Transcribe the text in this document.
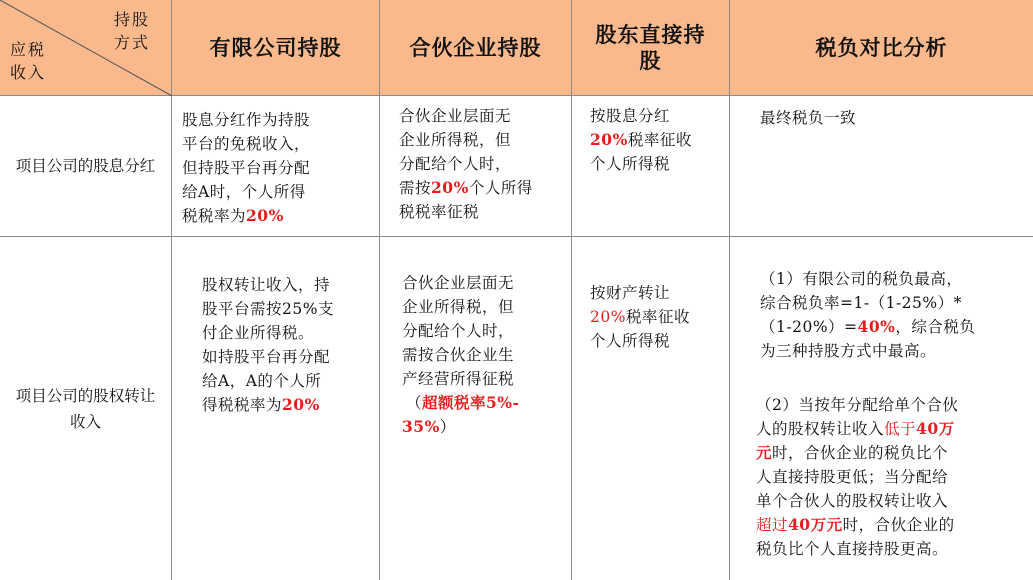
持股
方式
应税
收入
有限公司持股	合伙企业持股
股东直接持
股
税负对比分析
项目公司的股息分红
股息分红作为持股
平台的免税收入，
但持股平台再分配
给A时，个人所得
税税率为20%
合伙企业层面无
企业所得税，但
分配给个人时，
需按20%个人所得
税税率征税
按股息分红
20%税率征收
个人所得税
最终税负一致
项目公司的股权转让收入
股权转让收入，持
股平台需按25%支
付企业所得税。
如持股平台再分配
给A，A的个人所
得税税率为20%
合伙企业层面无
企业所得税，但
分配给个人时，
需按合伙企业生
产经营所得征税
（超额税率5%-
35%）
按财产转让
20%税率征收
个人所得税
（1）有限公司的税负最高，
综合税负率=1-（1-25%）*
（1-20%）=40%，综合税负
为三种持股方式中最高。
（2）当按年分配给单个合伙
人的股权转让收入低于40万
元时，合伙企业的税负比个
人直接持股更低；当分配给
单个合伙人的股权转让收入
超过40万元时，合伙企业的
税负比个人直接持股更高。
